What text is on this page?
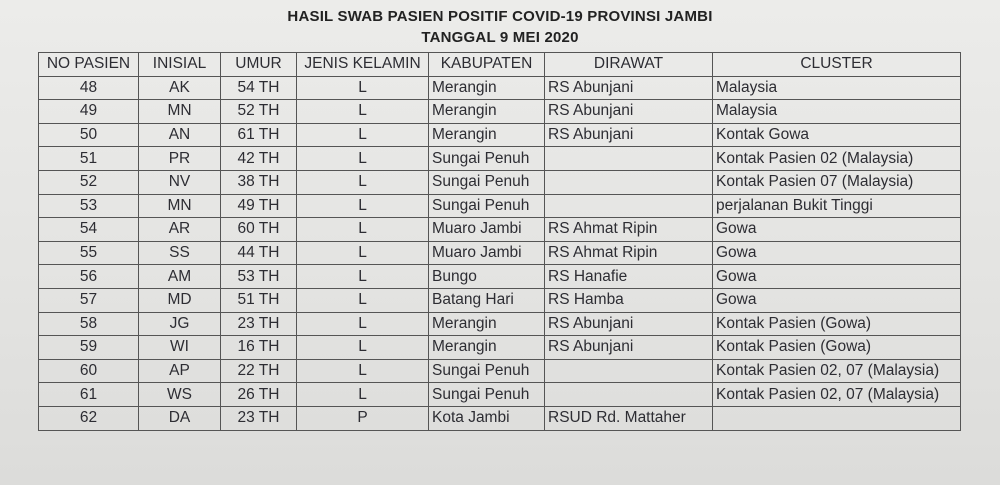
HASIL SWAB PASIEN POSITIF COVID-19 PROVINSI JAMBI
TANGGAL 9 MEI 2020
NO PASIEN	INISIAL	UMUR	JENIS KELAMIN	KABUPATEN	DIRAWAT	CLUSTER
48	AK	54 TH	L	Merangin	RS Abunjani	Malaysia
49	MN	52 TH	L	Merangin	RS Abunjani	Malaysia
50	AN	61 TH	L	Merangin	RS Abunjani	Kontak Gowa
51	PR	42 TH	L	Sungai Penuh		Kontak Pasien 02 (Malaysia)
52	NV	38 TH	L	Sungai Penuh		Kontak Pasien 07 (Malaysia)
53	MN	49 TH	L	Sungai Penuh		perjalanan Bukit Tinggi
54	AR	60 TH	L	Muaro Jambi	RS Ahmat Ripin	Gowa
55	SS	44 TH	L	Muaro Jambi	RS Ahmat Ripin	Gowa
56	AM	53 TH	L	Bungo	RS Hanafie	Gowa
57	MD	51 TH	L	Batang Hari	RS Hamba	Gowa
58	JG	23 TH	L	Merangin	RS Abunjani	Kontak Pasien (Gowa)
59	WI	16 TH	L	Merangin	RS Abunjani	Kontak Pasien (Gowa)
60	AP	22 TH	L	Sungai Penuh		Kontak Pasien 02, 07 (Malaysia)
61	WS	26 TH	L	Sungai Penuh		Kontak Pasien 02, 07 (Malaysia)
62	DA	23 TH	P	Kota Jambi	RSUD Rd. Mattaher	
